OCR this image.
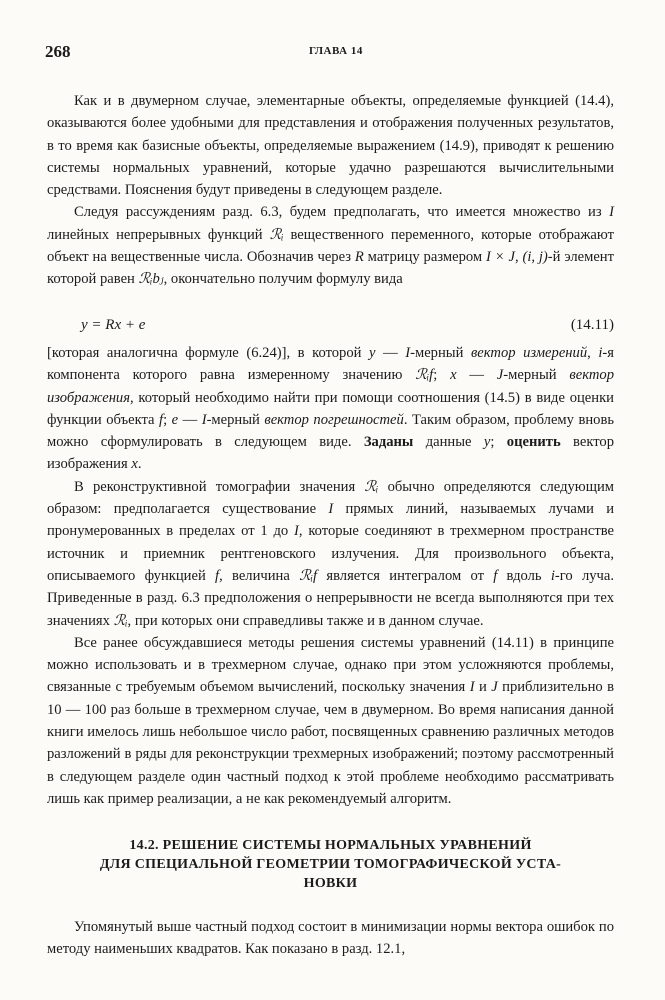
268	ГЛАВА 14

Как и в двумерном случае, элементарные объекты, определяемые функцией (14.4), оказываются более удобными для представления и отображения полученных результатов, в то время как базисные объекты, определяемые выражением (14.9), приводят к решению системы нормальных уравнений, которые удачно разрешаются вычислительными средствами. Пояснения будут приведены в следующем разделе.

Следуя рассуждениям разд. 6.3, будем предполагать, что имеется множество из I линейных непрерывных функций ℛᵢ вещественного переменного, которые отображают объект на вещественные числа. Обозначив через R матрицу размером I × J, (i, j)-й элемент которой равен ℛᵢbⱼ, окончательно получим формулу вида

y = Rx + e	(14.11)

[которая аналогична формуле (6.24)], в которой y — I-мерный вектор измерений, i-я компонента которого равна измеренному значению ℛᵢf; x — J-мерный вектор изображения, который необходимо найти при помощи соотношения (14.5) в виде оценки функции объекта f; e — I-мерный вектор погрешностей. Таким образом, проблему вновь можно сформулировать в следующем виде. Заданы данные y; оценить вектор изображения x.

В реконструктивной томографии значения ℛᵢ обычно определяются следующим образом: предполагается существование I прямых линий, называемых лучами и пронумерованных в пределах от 1 до I, которые соединяют в трехмерном пространстве источник и приемник рентгеновского излучения. Для произвольного объекта, описываемого функцией f, величина ℛᵢf является интегралом от f вдоль i-го луча. Приведенные в разд. 6.3 предположения о непрерывности не всегда выполняются при тех значениях ℛᵢ, при которых они справедливы также и в данном случае.

Все ранее обсуждавшиеся методы решения системы уравнений (14.11) в принципе можно использовать и в трехмерном случае, однако при этом усложняются проблемы, связанные с требуемым объемом вычислений, поскольку значения I и J приблизительно в 10 — 100 раз больше в трехмерном случае, чем в двумерном. Во время написания данной книги имелось лишь небольшое число работ, посвященных сравнению различных методов разложений в ряды для реконструкции трехмерных изображений; поэтому рассмотренный в следующем разделе один частный подход к этой проблеме необходимо рассматривать лишь как пример реализации, а не как рекомендуемый алгоритм.

14.2. РЕШЕНИЕ СИСТЕМЫ НОРМАЛЬНЫХ УРАВНЕНИЙ
ДЛЯ СПЕЦИАЛЬНОЙ ГЕОМЕТРИИ ТОМОГРАФИЧЕСКОЙ УСТА-
НОВКИ

Упомянутый выше частный подход состоит в минимизации нормы вектора ошибок по методу наименьших квадратов. Как показано в разд. 12.1,
